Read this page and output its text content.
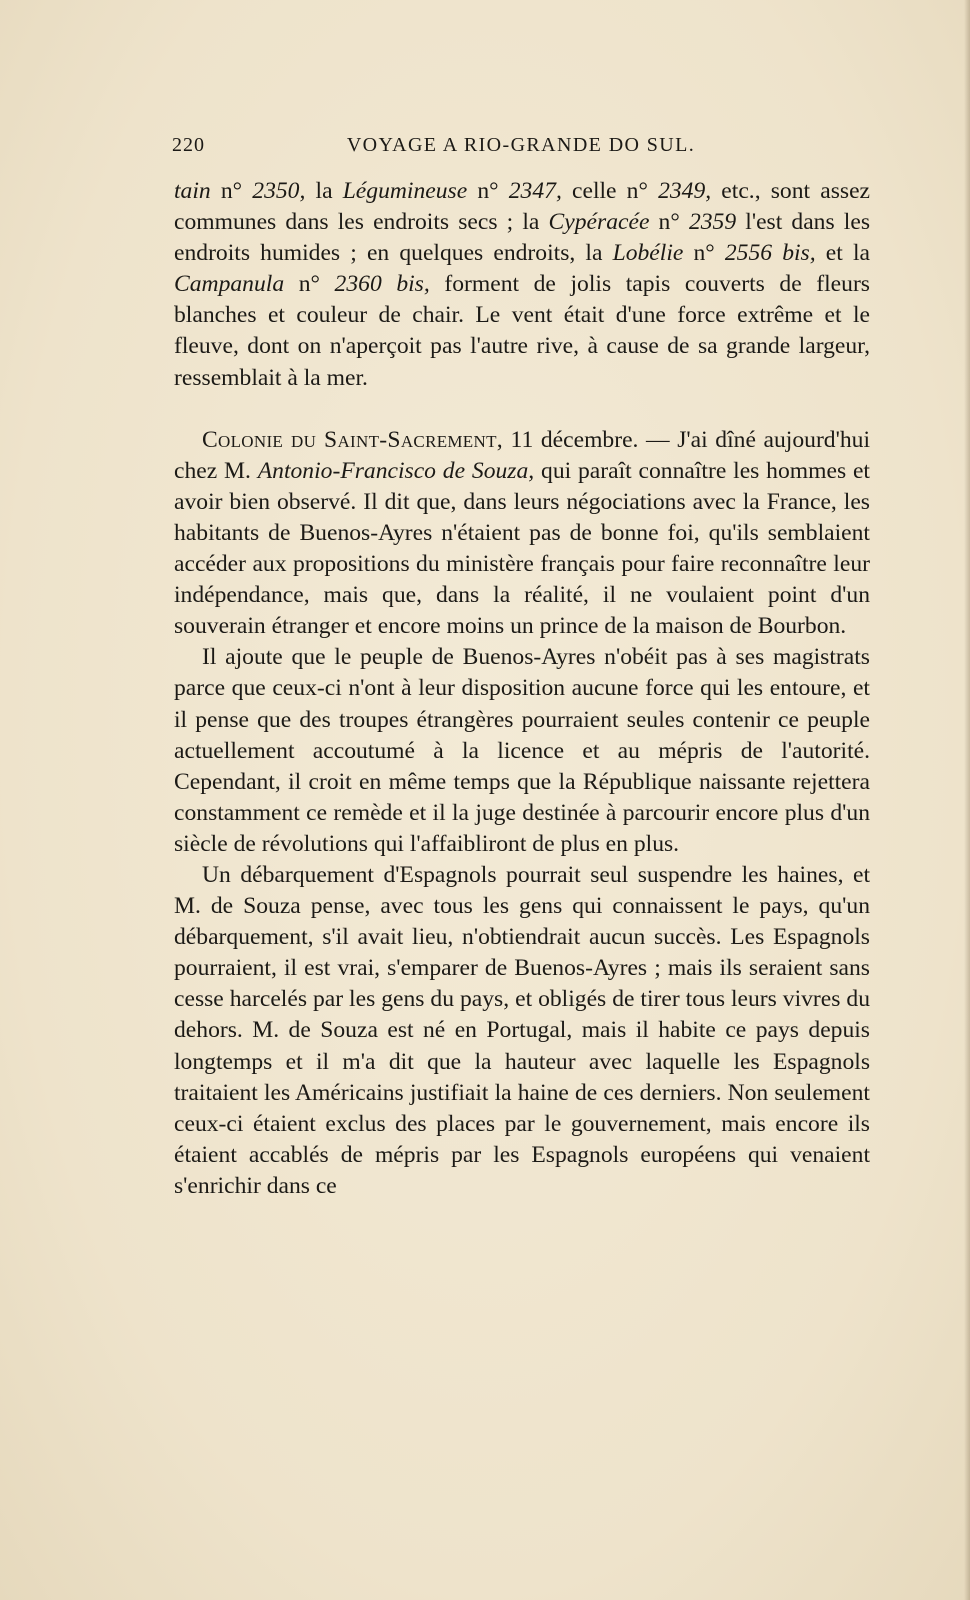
220	VOYAGE A RIO-GRANDE DO SUL.

tain n° 2350, la Légumineuse n° 2347, celle n° 2349, etc., sont assez communes dans les endroits secs ; la Cypéracée n° 2359 l'est dans les endroits humides ; en quelques endroits, la Lobélie n° 2556 bis, et la Campanula n° 2360 bis, forment de jolis tapis couverts de fleurs blanches et couleur de chair. Le vent était d'une force extrême et le fleuve, dont on n'aperçoit pas l'autre rive, à cause de sa grande largeur, ressemblait à la mer.

Colonie du Saint-Sacrement, 11 décembre. — J'ai dîné aujourd'hui chez M. Antonio-Francisco de Souza, qui paraît connaître les hommes et avoir bien observé. Il dit que, dans leurs négociations avec la France, les habitants de Buenos-Ayres n'étaient pas de bonne foi, qu'ils semblaient accéder aux propositions du ministère français pour faire reconnaître leur indépendance, mais que, dans la réalité, il ne voulaient point d'un souverain étranger et encore moins un prince de la maison de Bourbon.

Il ajoute que le peuple de Buenos-Ayres n'obéit pas à ses magistrats parce que ceux-ci n'ont à leur disposition aucune force qui les entoure, et il pense que des troupes étrangères pourraient seules contenir ce peuple actuellement accoutumé à la licence et au mépris de l'autorité. Cependant, il croit en même temps que la République naissante rejettera constamment ce remède et il la juge destinée à parcourir encore plus d'un siècle de révolutions qui l'affaibliront de plus en plus.

Un débarquement d'Espagnols pourrait seul suspendre les haines, et M. de Souza pense, avec tous les gens qui connaissent le pays, qu'un débarquement, s'il avait lieu, n'obtiendrait aucun succès. Les Espagnols pourraient, il est vrai, s'emparer de Buenos-Ayres ; mais ils seraient sans cesse harcelés par les gens du pays, et obligés de tirer tous leurs vivres du dehors. M. de Souza est né en Portugal, mais il habite ce pays depuis longtemps et il m'a dit que la hauteur avec laquelle les Espagnols traitaient les Américains justifiait la haine de ces derniers. Non seulement ceux-ci étaient exclus des places par le gouvernement, mais encore ils étaient accablés de mépris par les Espagnols européens qui venaient s'enrichir dans ce
